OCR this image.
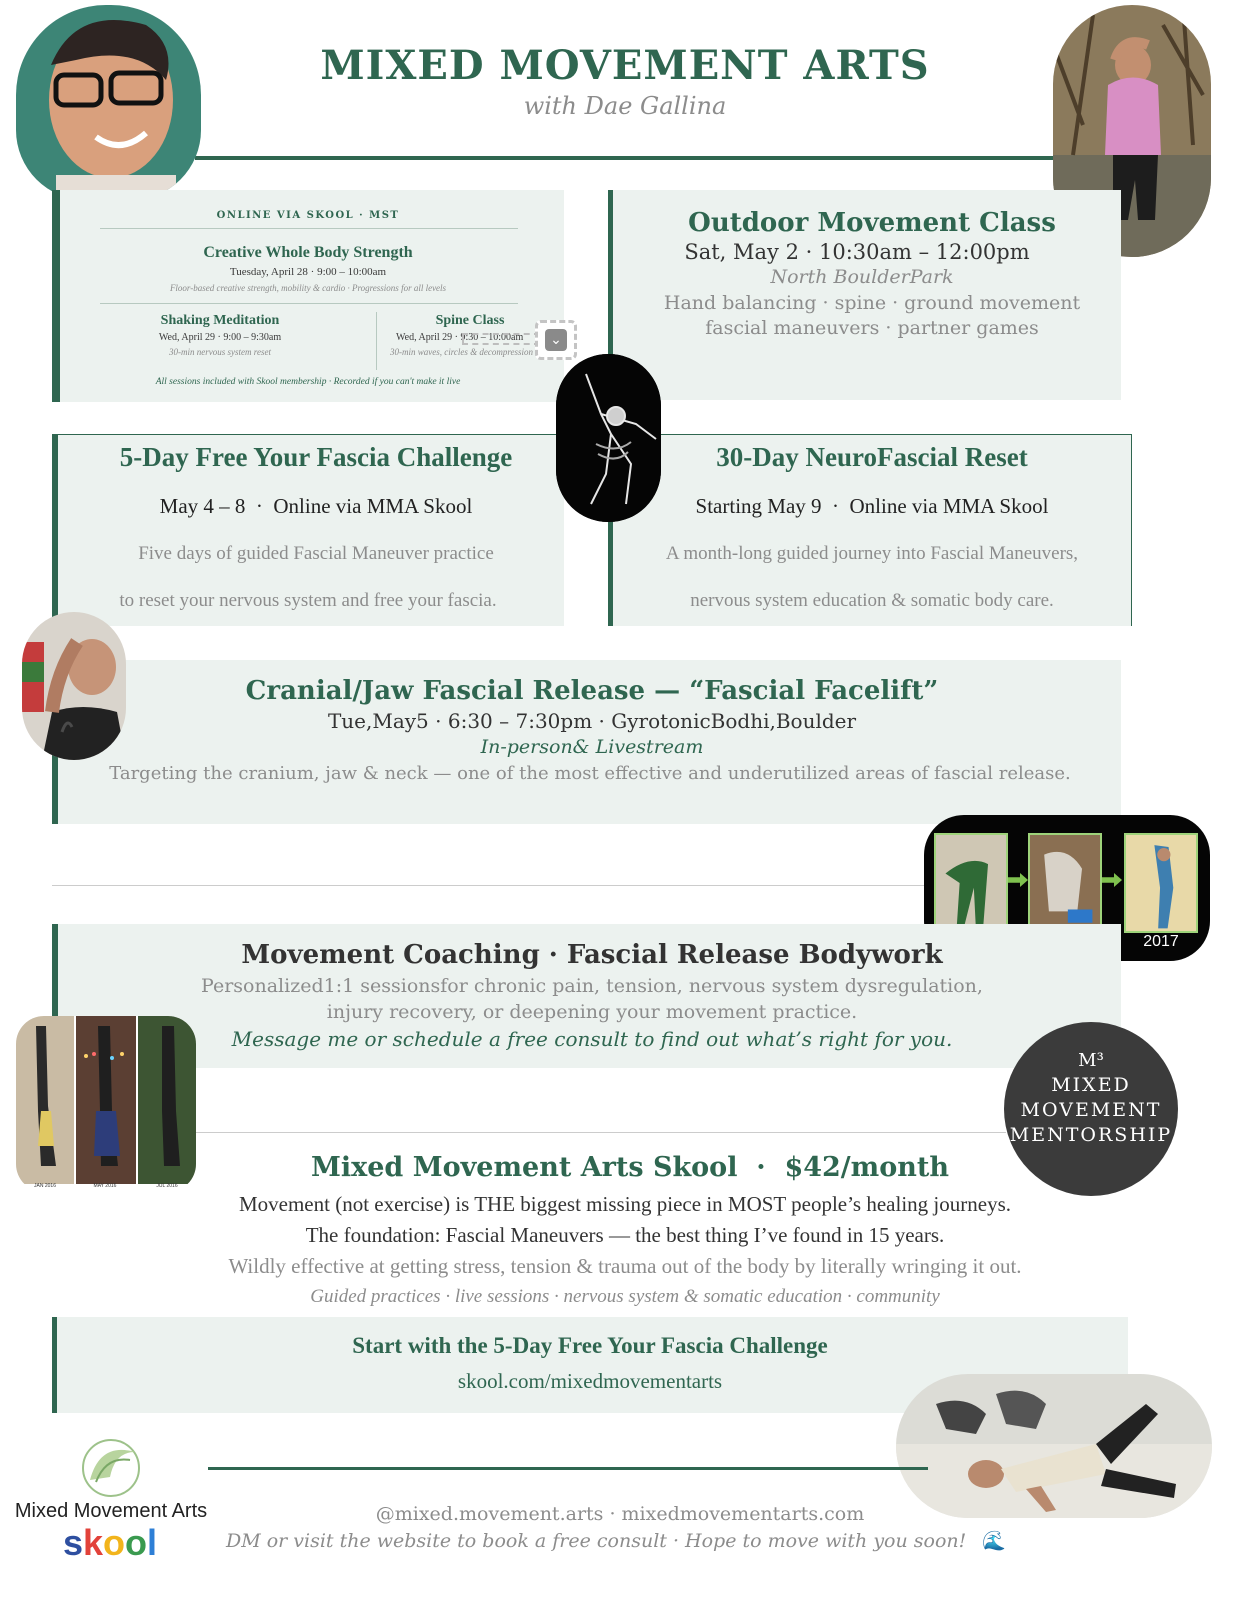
MIXED MOVEMENT ARTS
with Dae Gallina
ONLINE VIA SKOOL · MST
Creative Whole Body Strength
Tuesday, April 28 · 9:00 – 10:00am
Floor-based creative strength, mobility & cardio · Progressions for all levels
Shaking Meditation
Wed, April 29 · 9:00 – 9:30am
30-min nervous system reset
Spine Class
Wed, April 29 · 9:30 – 10:00am
30-min waves, circles & decompression
⌄
All sessions included with Skool membership · Recorded if you can't make it live
Outdoor Movement Class
Sat, May 2 · 10:30am – 12:00pm
North BoulderPark
Hand balancing · spine · ground movement
fascial maneuvers · partner games
5-Day Free Your Fascia Challenge
May 4 – 8  ·  Online via MMA Skool
Five days of guided Fascial Maneuver practice
to reset your nervous system and free your fascia.
30-Day NeuroFascial Reset
Starting May 9  ·  Online via MMA Skool
A month-long guided journey into Fascial Maneuvers,
nervous system education & somatic body care.
Cranial/Jaw Fascial Release — “Fascial Facelift”
Tue,May5 · 6:30 – 7:30pm · GyrotonicBodhi,Boulder
In-person& Livestream
Targeting the cranium, jaw & neck — one of the most effective and underutilized areas of fascial release.
2017
Movement Coaching · Fascial Release Bodywork
Personalized1:1 sessionsfor chronic pain, tension, nervous system dysregulation,
injury recovery, or deepening your movement practice.
Message me or schedule a free consult to find out what’s right for you.
JAN 2016	MAY 2016	JUL 2016
M³
MIXED
MOVEMENT
MENTORSHIP
Mixed Movement Arts Skool  ·  $42/month
Movement (not exercise) is THE biggest missing piece in MOST people’s healing journeys.
The foundation: Fascial Maneuvers — the best thing I’ve found in 15 years.
Wildly effective at getting stress, tension & trauma out of the body by literally wringing it out.
Guided practices · live sessions · nervous system & somatic education · community
Start with the 5-Day Free Your Fascia Challenge
skool.com/mixedmovementarts
Mixed Movement Arts
skool
@mixed.movement.arts · mixedmovementarts.com
DM or visit the website to book a free consult · Hope to move with you soon! 🌊
